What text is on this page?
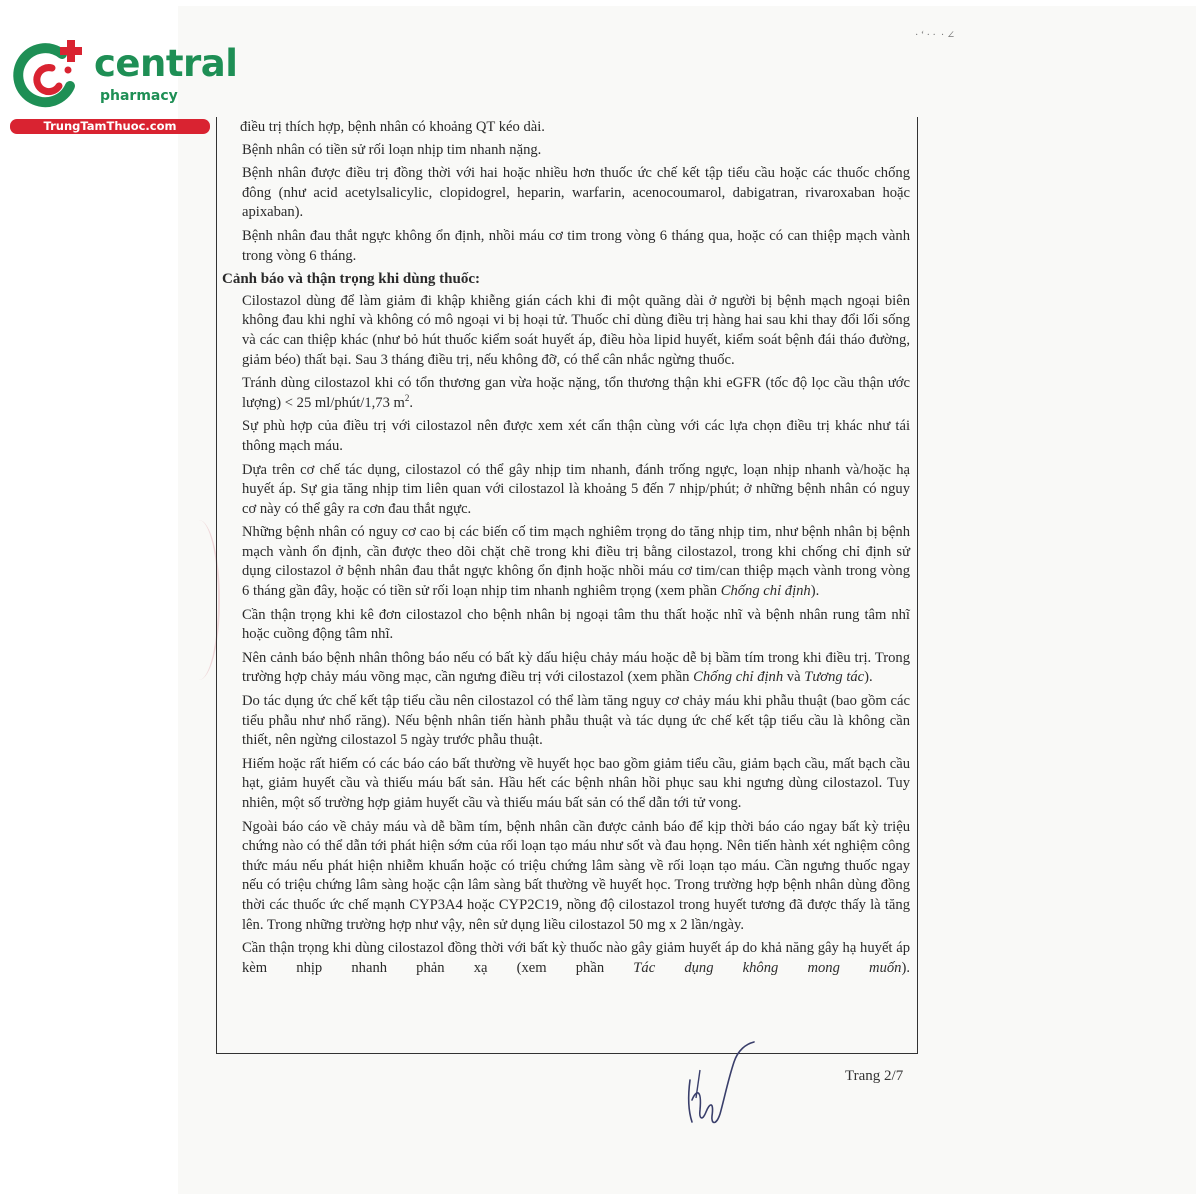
· ʻ · ·  · ∠
central
pharmacy
TrungTamThuoc.com	điều trị thích hợp, bệnh nhân có khoảng QT kéo dài.

Bệnh nhân có tiền sử rối loạn nhịp tim nhanh nặng.

Bệnh nhân được điều trị đồng thời với hai hoặc nhiều hơn thuốc ức chế kết tập tiểu cầu hoặc các thuốc chống đông (như acid acetylsalicylic, clopidogrel, heparin, warfarin, acenocoumarol, dabigatran, rivaroxaban hoặc apixaban).

Bệnh nhân đau thắt ngực không ổn định, nhồi máu cơ tim trong vòng 6 tháng qua, hoặc có can thiệp mạch vành trong vòng 6 tháng.

Cảnh báo và thận trọng khi dùng thuốc:

Cilostazol dùng để làm giảm đi khập khiễng gián cách khi đi một quãng dài ở người bị bệnh mạch ngoại biên không đau khi nghỉ và không có mô ngoại vi bị hoại tử. Thuốc chỉ dùng điều trị hàng hai sau khi thay đổi lối sống và các can thiệp khác (như bỏ hút thuốc kiểm soát huyết áp, điều hòa lipid huyết, kiểm soát bệnh đái tháo đường, giảm béo) thất bại. Sau 3 tháng điều trị, nếu không đỡ, có thể cân nhắc ngừng thuốc.

Tránh dùng cilostazol khi có tổn thương gan vừa hoặc nặng, tổn thương thận khi eGFR (tốc độ lọc cầu thận ước lượng) < 25 ml/phút/1,73 $m^2$.

Sự phù hợp của điều trị với cilostazol nên được xem xét cẩn thận cùng với các lựa chọn điều trị khác như tái thông mạch máu.

Dựa trên cơ chế tác dụng, cilostazol có thể gây nhịp tim nhanh, đánh trống ngực, loạn nhịp nhanh và/hoặc hạ huyết áp. Sự gia tăng nhịp tim liên quan với cilostazol là khoảng 5 đến 7 nhịp/phút; ở những bệnh nhân có nguy cơ này có thể gây ra cơn đau thắt ngực.

Những bệnh nhân có nguy cơ cao bị các biến cố tim mạch nghiêm trọng do tăng nhịp tim, như bệnh nhân bị bệnh mạch vành ổn định, cần được theo dõi chặt chẽ trong khi điều trị bằng cilostazol, trong khi chống chỉ định sử dụng cilostazol ở bệnh nhân đau thắt ngực không ổn định hoặc nhồi máu cơ tim/can thiệp mạch vành trong vòng 6 tháng gần đây, hoặc có tiền sử rối loạn nhịp tim nhanh nghiêm trọng (xem phần Chống chỉ định).

Cần thận trọng khi kê đơn cilostazol cho bệnh nhân bị ngoại tâm thu thất hoặc nhĩ và bệnh nhân rung tâm nhĩ hoặc cuồng động tâm nhĩ.

Nên cảnh báo bệnh nhân thông báo nếu có bất kỳ dấu hiệu chảy máu hoặc dễ bị bầm tím trong khi điều trị. Trong trường hợp chảy máu võng mạc, cần ngưng điều trị với cilostazol (xem phần Chống chỉ định và Tương tác).

Do tác dụng ức chế kết tập tiểu cầu nên cilostazol có thể làm tăng nguy cơ chảy máu khi phẫu thuật (bao gồm các tiểu phẫu như nhổ răng). Nếu bệnh nhân tiến hành phẫu thuật và tác dụng ức chế kết tập tiểu cầu là không cần thiết, nên ngừng cilostazol 5 ngày trước phẫu thuật.

Hiếm hoặc rất hiếm có các báo cáo bất thường về huyết học bao gồm giảm tiểu cầu, giảm bạch cầu, mất bạch cầu hạt, giảm huyết cầu và thiếu máu bất sản. Hầu hết các bệnh nhân hồi phục sau khi ngưng dùng cilostazol. Tuy nhiên, một số trường hợp giảm huyết cầu và thiếu máu bất sản có thể dẫn tới tử vong.

Ngoài báo cáo về chảy máu và dễ bầm tím, bệnh nhân cần được cảnh báo để kịp thời báo cáo ngay bất kỳ triệu chứng nào có thể dẫn tới phát hiện sớm của rối loạn tạo máu như sốt và đau họng. Nên tiến hành xét nghiệm công thức máu nếu phát hiện nhiễm khuẩn hoặc có triệu chứng lâm sàng về rối loạn tạo máu. Cần ngưng thuốc ngay nếu có triệu chứng lâm sàng hoặc cận lâm sàng bất thường về huyết học. Trong trường hợp bệnh nhân dùng đồng thời các thuốc ức chế mạnh CYP3A4 hoặc CYP2C19, nồng độ cilostazol trong huyết tương đã được thấy là tăng lên. Trong những trường hợp như vậy, nên sử dụng liều cilostazol 50 mg x 2 lần/ngày.

Cần thận trọng khi dùng cilostazol đồng thời với bất kỳ thuốc nào gây giảm huyết áp do khả năng gây hạ huyết áp kèm nhịp nhanh phản xạ (xem phần Tác dụng không mong muốn).

Trang 2/7
